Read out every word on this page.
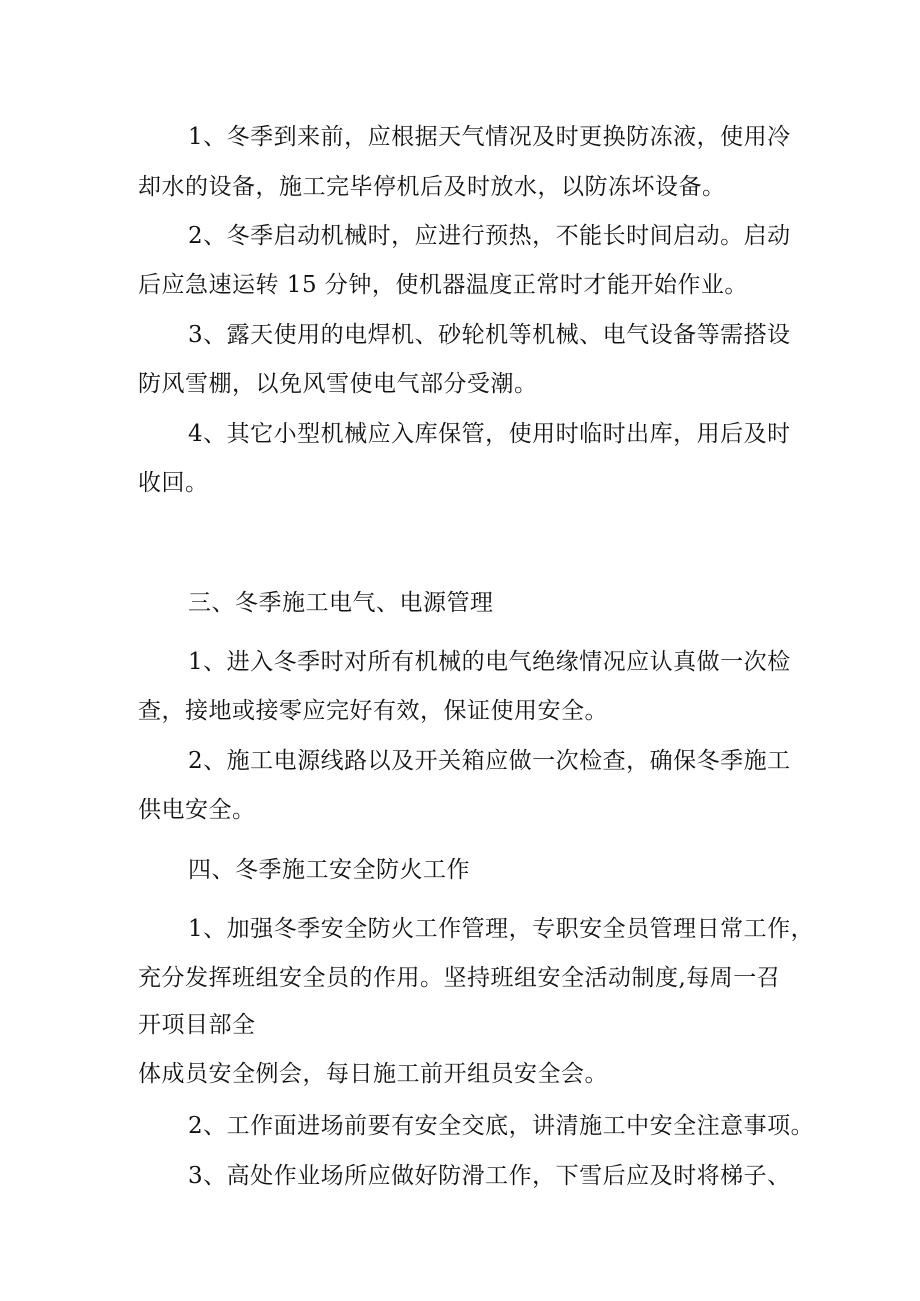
1、冬季到来前，应根据天气情况及时更换防冻液，使用冷
却水的设备，施工完毕停机后及时放水，以防冻坏设备。
2、冬季启动机械时，应进行预热，不能长时间启动。启动
后应急速运转 15 分钟，使机器温度正常时才能开始作业。
3、露天使用的电焊机、砂轮机等机械、电气设备等需搭设
防风雪棚，以免风雪使电气部分受潮。
4、其它小型机械应入库保管，使用时临时出库，用后及时
收回。
三、冬季施工电气、电源管理
1、进入冬季时对所有机械的电气绝缘情况应认真做一次检
查，接地或接零应完好有效，保证使用安全。
2、施工电源线路以及开关箱应做一次检查，确保冬季施工
供电安全。
四、冬季施工安全防火工作
1、加强冬季安全防火工作管理，专职安全员管理日常工作，
充分发挥班组安全员的作用。坚持班组安全活动制度,每周一召
开项目部全
体成员安全例会，每日施工前开组员安全会。
2、工作面进场前要有安全交底，讲清施工中安全注意事项。
3、高处作业场所应做好防滑工作，下雪后应及时将梯子、
